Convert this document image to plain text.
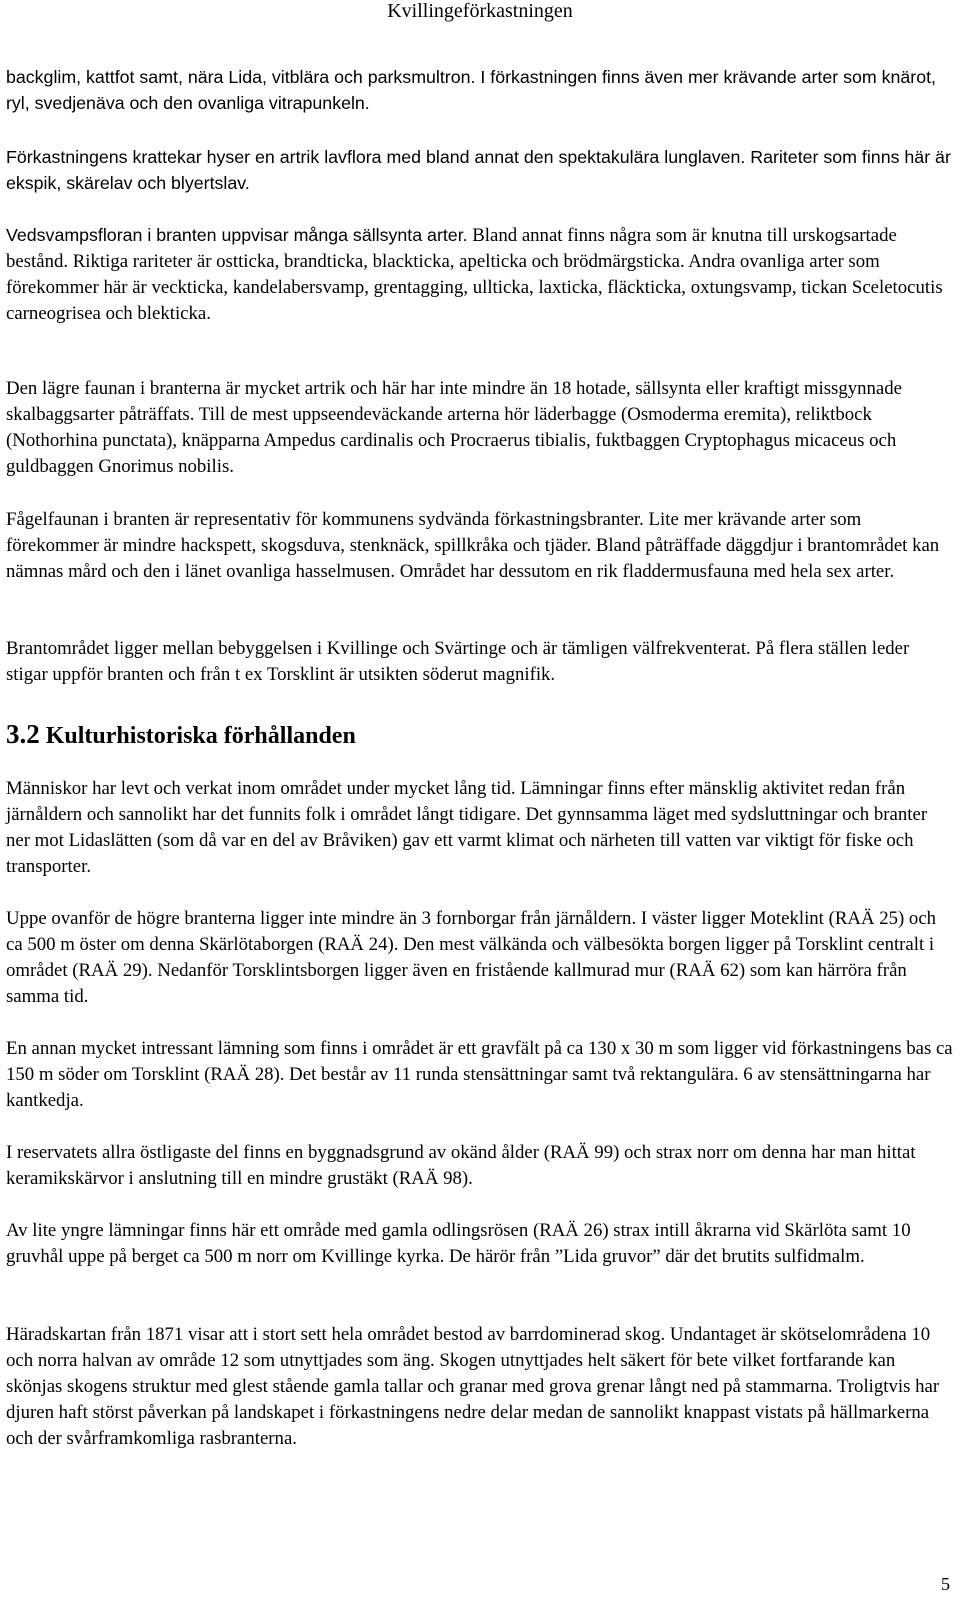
Kvillingeförkastningen

backglim, kattfot samt, nära Lida, vitblära och parksmultron. I förkastningen finns även mer krävande arter som knärot, ryl, svedjenäva och den ovanliga vitrapunkeln.

Förkastningens krattekar hyser en artrik lavflora med bland annat den spektakulära lunglaven. Rariteter som finns här är ekspik, skärelav och blyertslav.

Vedsvampsfloran i branten uppvisar många sällsynta arter. Bland annat finns några som är knutna till urskogsartade bestånd. Riktiga rariteter är ostticka, brandticka, blackticka, apelticka och brödmärgsticka. Andra ovanliga arter som förekommer här är veckticka, kandelabersvamp, grentagging, ullticka, laxticka, fläckticka, oxtungsvamp, tickan Sceletocutis carneogrisea och blekticka.

Den lägre faunan i branterna är mycket artrik och här har inte mindre än 18 hotade, sällsynta eller kraftigt missgynnade skalbaggsarter påträffats. Till de mest uppseendeväckande arterna hör läderbagge (Osmoderma eremita), reliktbock (Nothorhina punctata), knäpparna Ampedus cardinalis och Procraerus tibialis, fuktbaggen Cryptophagus micaceus och guldbaggen Gnorimus nobilis.

Fågelfaunan i branten är representativ för kommunens sydvända förkastningsbranter. Lite mer krävande arter som förekommer är mindre hackspett, skogsduva, stenknäck, spillkråka och tjäder. Bland påträffade däggdjur i brantområdet kan nämnas mård och den i länet ovanliga hasselmusen. Området har dessutom en rik fladdermusfauna med hela sex arter.

Brantområdet ligger mellan bebyggelsen i Kvillinge och Svärtinge och är tämligen välfrekventerat. På flera ställen leder stigar uppför branten och från t ex Torsklint är utsikten söderut magnifik.

3.2 Kulturhistoriska förhållanden

Människor har levt och verkat inom området under mycket lång tid. Lämningar finns efter mänsklig aktivitet redan från järnåldern och sannolikt har det funnits folk i området långt tidigare. Det gynnsamma läget med sydsluttningar och branter ner mot Lidaslätten (som då var en del av Bråviken) gav ett varmt klimat och närheten till vatten var viktigt för fiske och transporter.

Uppe ovanför de högre branterna ligger inte mindre än 3 fornborgar från järnåldern. I väster ligger Moteklint (RAÄ 25) och ca 500 m öster om denna Skärlötaborgen (RAÄ 24). Den mest välkända och välbesökta borgen ligger på Torsklint centralt i området (RAÄ 29). Nedanför Torsklintsborgen ligger även en fristående kallmurad mur (RAÄ 62) som kan härröra från samma tid.

En annan mycket intressant lämning som finns i området är ett gravfält på ca 130 x 30 m som ligger vid förkastningens bas ca 150 m söder om Torsklint (RAÄ 28). Det består av 11 runda stensättningar samt två rektangulära. 6 av stensättningarna har kantkedja.

I reservatets allra östligaste del finns en byggnadsgrund av okänd ålder (RAÄ 99) och strax norr om denna har man hittat keramikskärvor i anslutning till en mindre grustäkt (RAÄ 98).

Av lite yngre lämningar finns här ett område med gamla odlingsrösen (RAÄ 26) strax intill åkrarna vid Skärlöta samt 10 gruvhål uppe på berget ca 500 m norr om Kvillinge kyrka. De härör från ”Lida gruvor” där det brutits sulfidmalm.

Häradskartan från 1871 visar att i stort sett hela området bestod av barrdominerad skog. Undantaget är skötselområdena 10 och norra halvan av område 12 som utnyttjades som äng. Skogen utnyttjades helt säkert för bete vilket fortfarande kan skönjas skogens struktur med glest stående gamla tallar och granar med grova grenar långt ned på stammarna. Troligtvis har djuren haft störst påverkan på landskapet i förkastningens nedre delar medan de sannolikt knappast vistats på hällmarkerna och der svårframkomliga rasbranterna.

5
